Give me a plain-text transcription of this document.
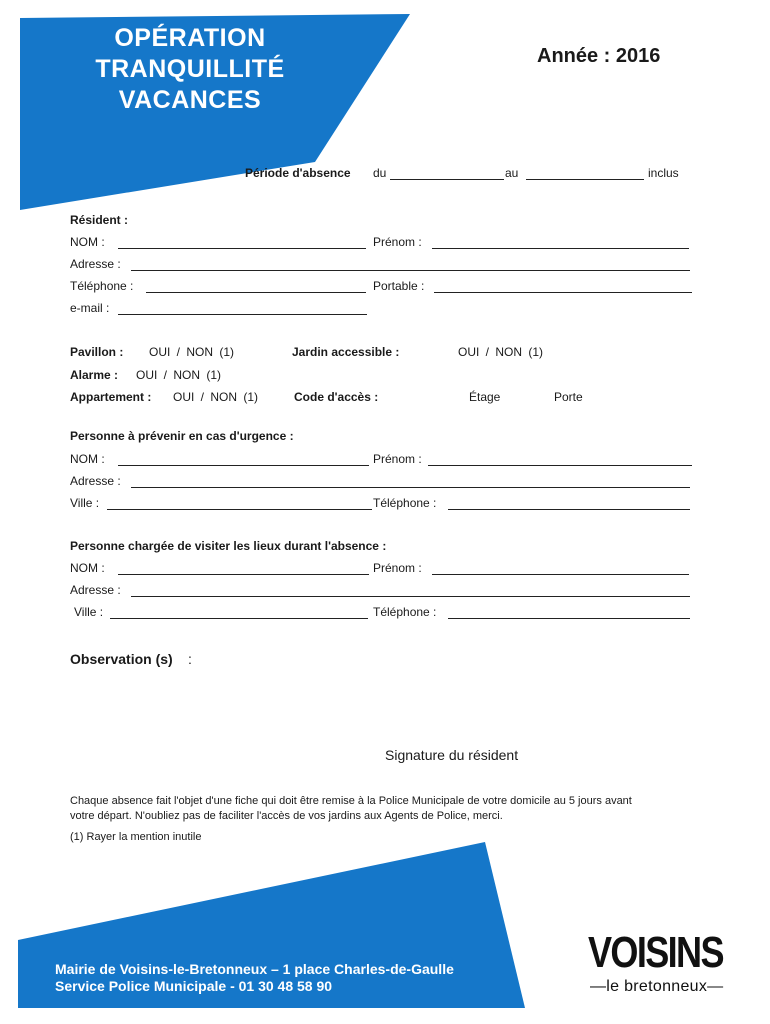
OPÉRATION
TRANQUILLITÉ
VACANCES
Année : 2016
Période d'absence du	au	inclus
Résident :
NOM :	Prénom :
Adresse :
Téléphone :	Portable :
e-mail :
Pavillon : OUI / NON (1)	Jardin accessible :	OUI / NON (1)
Alarme : OUI / NON (1)
Appartement : OUI / NON (1)	Code d'accès :	Étage	Porte
Personne à prévenir en cas d'urgence :
NOM :	Prénom :
Adresse :
Ville :	Téléphone :
Personne chargée de visiter les lieux durant l'absence :
NOM :	Prénom :
Adresse :
Ville :	Téléphone :
Observation (s) :
Signature du résident
Chaque absence fait l'objet d'une fiche qui doit être remise à la Police Municipale de votre domicile au 5 jours avant
votre départ. N'oubliez pas de faciliter l'accès de vos jardins aux Agents de Police, merci.
(1) Rayer la mention inutile
Mairie de Voisins-le-Bretonneux – 1 place Charles-de-Gaulle
Service Police Municipale - 01 30 48 58 90
VOISINS
—le bretonneux—
